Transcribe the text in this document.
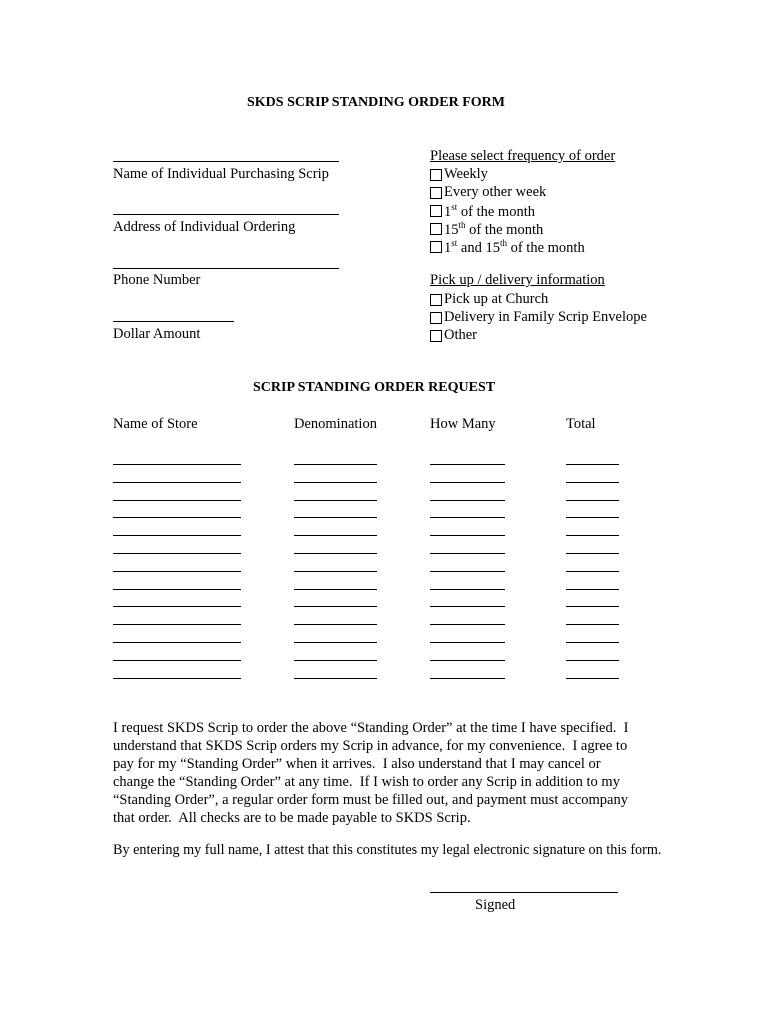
SKDS SCRIP STANDING ORDER FORM
Name of Individual Purchasing Scrip
Address of Individual Ordering
Phone Number
Dollar Amount
Please select frequency of order
Weekly
Every other week
1st of the month
15th of the month
1st and 15th of the month
Pick up / delivery information
Pick up at Church
Delivery in Family Scrip Envelope
Other
SCRIP STANDING ORDER REQUEST
Name of Store	Denomination	How Many	Total
I request SKDS Scrip to order the above “Standing Order” at the time I have specified.  I
understand that SKDS Scrip orders my Scrip in advance, for my convenience.  I agree to
pay for my “Standing Order” when it arrives.  I also understand that I may cancel or
change the “Standing Order” at any time.  If I wish to order any Scrip in addition to my
“Standing Order”, a regular order form must be filled out, and payment must accompany
that order.  All checks are to be made payable to SKDS Scrip.
By entering my full name, I attest that this constitutes my legal electronic signature on this form.
Signed
